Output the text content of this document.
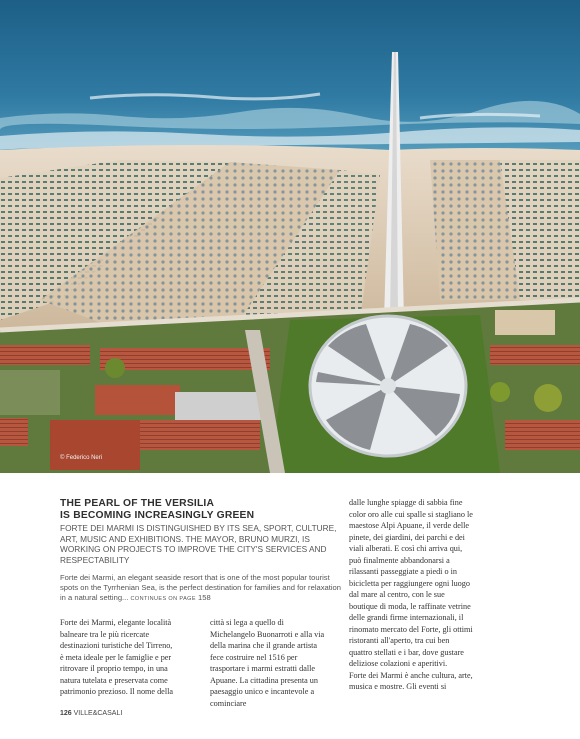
© Federico Neri
THE PEARL OF THE VERSILIA
IS BECOMING INCREASINGLY GREEN
FORTE DEI MARMI IS DISTINGUISHED BY ITS SEA, SPORT, CULTURE, ART, MUSIC AND EXHIBITIONS. THE MAYOR, BRUNO MURZI, IS WORKING ON PROJECTS TO IMPROVE THE CITY'S SERVICES AND RESPECTABILITY
Forte dei Marmi, an elegant seaside resort that is one of the most popular tourist spots on the Tyrrhenian Sea, is the perfect destination for families and for relaxation in a natural setting... CONTINUES ON PAGE 158

Forte dei Marmi, elegante località balneare tra le più ricercate destinazioni turistiche del Tirreno, è meta ideale per le famiglie e per ritrovare il proprio tempo, in una natura tutelata e preservata come patrimonio prezioso. Il nome della

città si lega a quello di Michelangelo Buonarroti e alla via della marina che il grande artista fece costruire nel 1516 per trasportare i marmi estratti dalle Apuane. La cittadina presenta un paesaggio unico e incantevole a cominciare

dalle lunghe spiagge di sabbia fine color oro alle cui spalle si stagliano le maestose Alpi Apuane, il verde delle pinete, dei giardini, dei parchi e dei viali alberati. E così chi arriva qui, può finalmente abbandonarsi a rilassanti passeggiate a piedi o in bicicletta per raggiungere ogni luogo dal mare al centro, con le sue boutique di moda, le raffinate vetrine delle grandi firme internazionali, il rinomato mercato del Forte, gli ottimi ristoranti all'aperto, tra cui ben quattro stellati e i bar, dove gustare deliziose colazioni e aperitivi.

Forte dei Marmi è anche cultura, arte, musica e mostre. Gli eventi si

126 VILLE&CASALI
